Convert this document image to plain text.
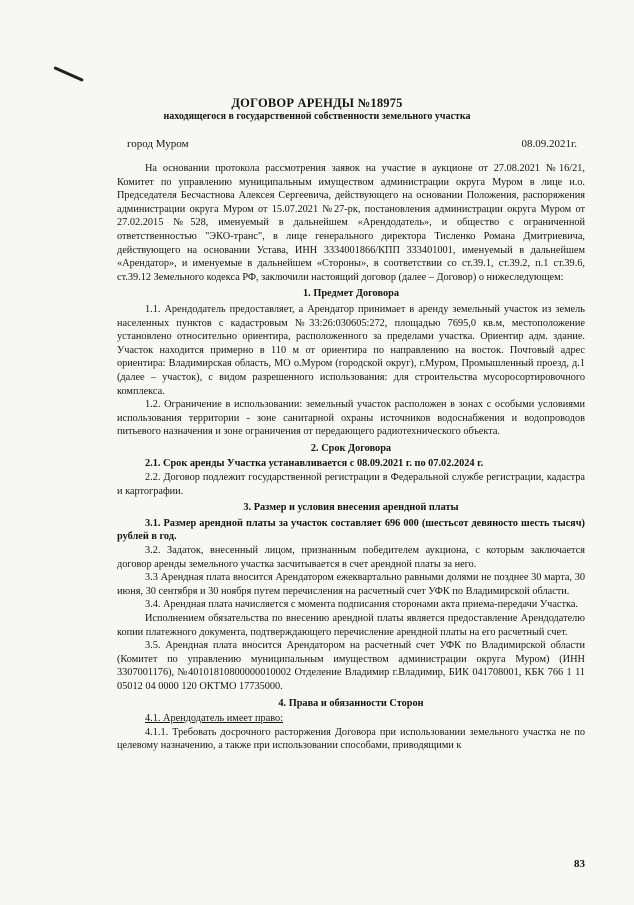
ДОГОВОР АРЕНДЫ №18975
находящегося в государственной собственности земельного участка
город Муром	08.09.2021г.

На основании протокола рассмотрения заявок на участие в аукционе от 27.08.2021 №16/21, Комитет по управлению муниципальным имуществом администрации округа Муром в лице и.о. Председателя Бесчастнова Алексея Сергеевича, действующего на основании Положения, распоряжения администрации округа Муром от 15.07.2021 №27-рк, постановления администрации округа Муром от 27.02.2015 №528, именуемый в дальнейшем «Арендодатель», и общество с ограниченной ответственностью "ЭКО-транс", в лице генерального директора Тисленко Романа Дмитриевича, действующего на основании Устава, ИНН 3334001866/КПП 333401001, именуемый в дальнейшем «Арендатор», и именуемые в дальнейшем «Стороны», в соответствии со ст.39.1, ст.39.2, п.1 ст.39.6, ст.39.12 Земельного кодекса РФ, заключили настоящий договор (далее – Договор) о нижеследующем:

1. Предмет Договора

1.1. Арендодатель предоставляет, а Арендатор принимает в аренду земельный участок из земель населенных пунктов с кадастровым №33:26:030605:272, площадью 7695,0 кв.м, местоположение установлено относительно ориентира, расположенного за пределами участка. Ориентир адм. здание. Участок находится примерно в 110 м от ориентира по направлению на восток. Почтовый адрес ориентира: Владимирская область, МО о.Муром (городской округ), г.Муром, Промышленный проезд, д.1 (далее – участок), с видом разрешенного использования: для строительства мусоросортировочного комплекса.

1.2. Ограничение в использовании: земельный участок расположен в зонах с особыми условиями использования территории - зоне санитарной охраны источников водоснабжения и водопроводов питьевого назначения и зоне ограничения от передающего радиотехнического объекта.

2. Срок Договора

2.1. Срок аренды Участка устанавливается с 08.09.2021 г. по 07.02.2024 г.

2.2. Договор подлежит государственной регистрации в Федеральной службе регистрации, кадастра и картографии.

3. Размер и условия внесения арендной платы

3.1. Размер арендной платы за участок составляет 696 000 (шестьсот девяносто шесть тысяч) рублей в год.

3.2. Задаток, внесенный лицом, признанным победителем аукциона, с которым заключается договор аренды земельного участка засчитывается в счет арендной платы за него.

3.3 Арендная плата вносится Арендатором ежеквартально равными долями не позднее 30 марта, 30 июня, 30 сентября и 30 ноября путем перечисления на расчетный счет УФК по Владимирской области.

3.4. Арендная плата начисляется с момента подписания сторонами акта приема-передачи Участка.

Исполнением обязательства по внесению арендной платы является предоставление Арендодателю копии платежного документа, подтверждающего перечисление арендной платы на его расчетный счет.

3.5. Арендная плата вносится Арендатором на расчетный счет УФК по Владимирской области (Комитет по управлению муниципальным имуществом администрации округа Муром) (ИНН 3307001176), №40101810800000010002 Отделение Владимир г.Владимир, БИК 041708001, КБК 766 1 11 05012 04 0000 120 ОКТМО 17735000.

4. Права и обязанности Сторон

4.1. Арендодатель имеет право:

4.1.1. Требовать досрочного расторжения Договора при использовании земельного участка не по целевому назначению, а также при использовании способами, приводящими к

83
